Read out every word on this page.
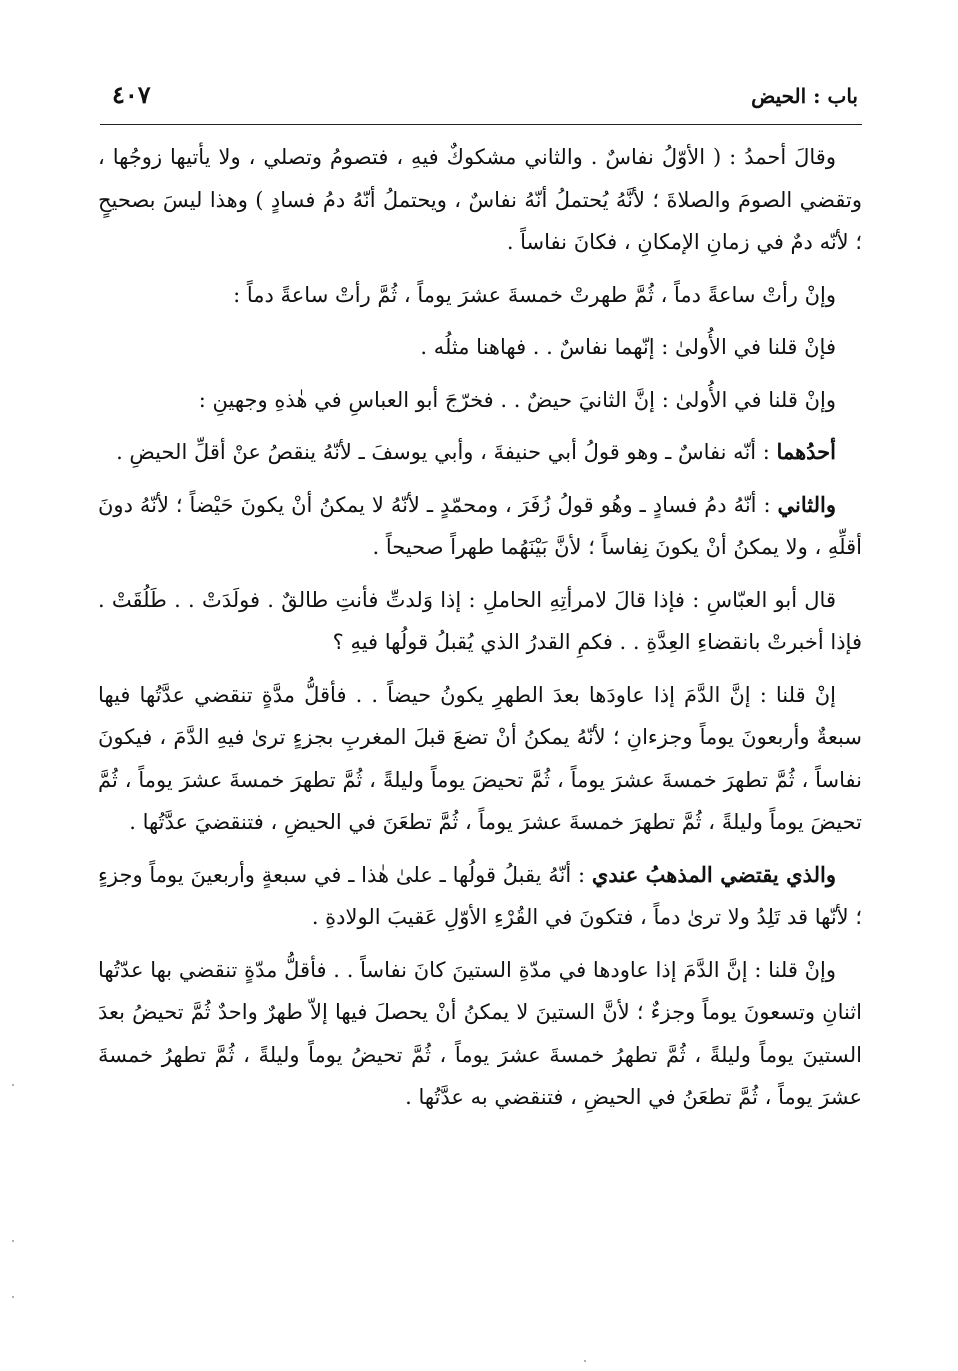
باب : الحيض
٤٠٧

وقالَ أحمدُ : ( الأوّلُ نفاسٌ . والثاني مشكوكٌ فيهِ ، فتصومُ وتصلي ، ولا يأتيها زوجُها ، وتقضي الصومَ والصلاةَ ؛ لأنَّهُ يُحتملُ أنّهُ نفاسٌ ، ويحتملُ أنّهُ دمُ فسادٍ ) وهذا ليسَ بصحيحٍ ؛ لأنّه دمٌ في زمانِ الإمكانِ ، فكانَ نفاساً .

وإنْ رأتْ ساعةً دماً ، ثُمَّ طهرتْ خمسةَ عشرَ يوماً ، ثُمَّ رأتْ ساعةً دماً :

فإنْ قلنا في الأُولىٰ : إنّهما نفاسٌ . . فهاهنا مثلُه .

وإنْ قلنا في الأُولىٰ : إنَّ الثانيَ حيضٌ . . فخرّجَ أبو العباسِ في هٰذهِ وجهينِ :

أحدُهما : أنّه نفاسٌ ـ وهو قولُ أبي حنيفةَ ، وأبي يوسفَ ـ لأنّهُ ينقصُ عنْ أقلِّ الحيضِ .

والثاني : أنّهُ دمُ فسادٍ ـ وهُو قولُ زُفَرَ ، ومحمّدٍ ـ لأنّهُ لا يمكنُ أنْ يكونَ حَيْضاً ؛ لأنّهُ دونَ أقلِّهِ ، ولا يمكنُ أنْ يكونَ نِفاساً ؛ لأنَّ بَيْنَهُما طهراً صحيحاً .

قال أبو العبّاسِ : فإذا قالَ لامرأتِهِ الحاملِ : إذا وَلدتِّ فأنتِ طالقٌ . فولَدَتْ . . طَلُقَتْ . فإذا أخبرتْ بانقضاءِ العِدَّةِ . . فكمِ القدرُ الذي يُقبلُ قولُها فيهِ ؟

إنْ قلنا : إنَّ الدَّمَ إذا عاودَها بعدَ الطهرِ يكونُ حيضاً . . فأقلُّ مدَّةٍ تنقضي عدَّتُها فيها سبعةٌ وأربعونَ يوماً وجزءانِ ؛ لأنّهُ يمكنُ أنْ تضعَ قبلَ المغربِ بجزءٍ ترىٰ فيهِ الدَّمَ ، فيكونَ نفاساً ، ثُمَّ تطهرَ خمسةَ عشرَ يوماً ، ثُمَّ تحيضَ يوماً وليلةً ، ثُمَّ تطهرَ خمسةَ عشرَ يوماً ، ثُمَّ تحيضَ يوماً وليلةً ، ثُمَّ تطهرَ خمسةَ عشرَ يوماً ، ثُمَّ تطعَنَ في الحيضِ ، فتنقضيَ عدَّتُها .

والذي يقتضي المذهبُ عندي : أنّهُ يقبلُ قولُها ـ علىٰ هٰذا ـ في سبعةٍ وأربعينَ يوماً وجزءٍ ؛ لأنّها قد تَلِدُ ولا ترىٰ دماً ، فتكونَ في القُرْءِ الأوّلِ عَقيبَ الولادةِ .

وإنْ قلنا : إنَّ الدَّمَ إذا عاودها في مدّةِ الستينَ كانَ نفاساً . . فأقلُّ مدّةٍ تنقضي بها عدّتُها اثنانِ وتسعونَ يوماً وجزءٌ ؛ لأنَّ الستينَ لا يمكنُ أنْ يحصلَ فيها إلاّ طهرٌ واحدٌ ثُمَّ تحيضُ بعدَ الستينَ يوماً وليلةً ، ثُمَّ تطهرُ خمسةَ عشرَ يوماً ، ثُمَّ تحيضُ يوماً وليلةً ، ثُمَّ تطهرُ خمسةَ عشرَ يوماً ، ثُمَّ تطعَنُ في الحيضِ ، فتنقضي به عدَّتُها .
